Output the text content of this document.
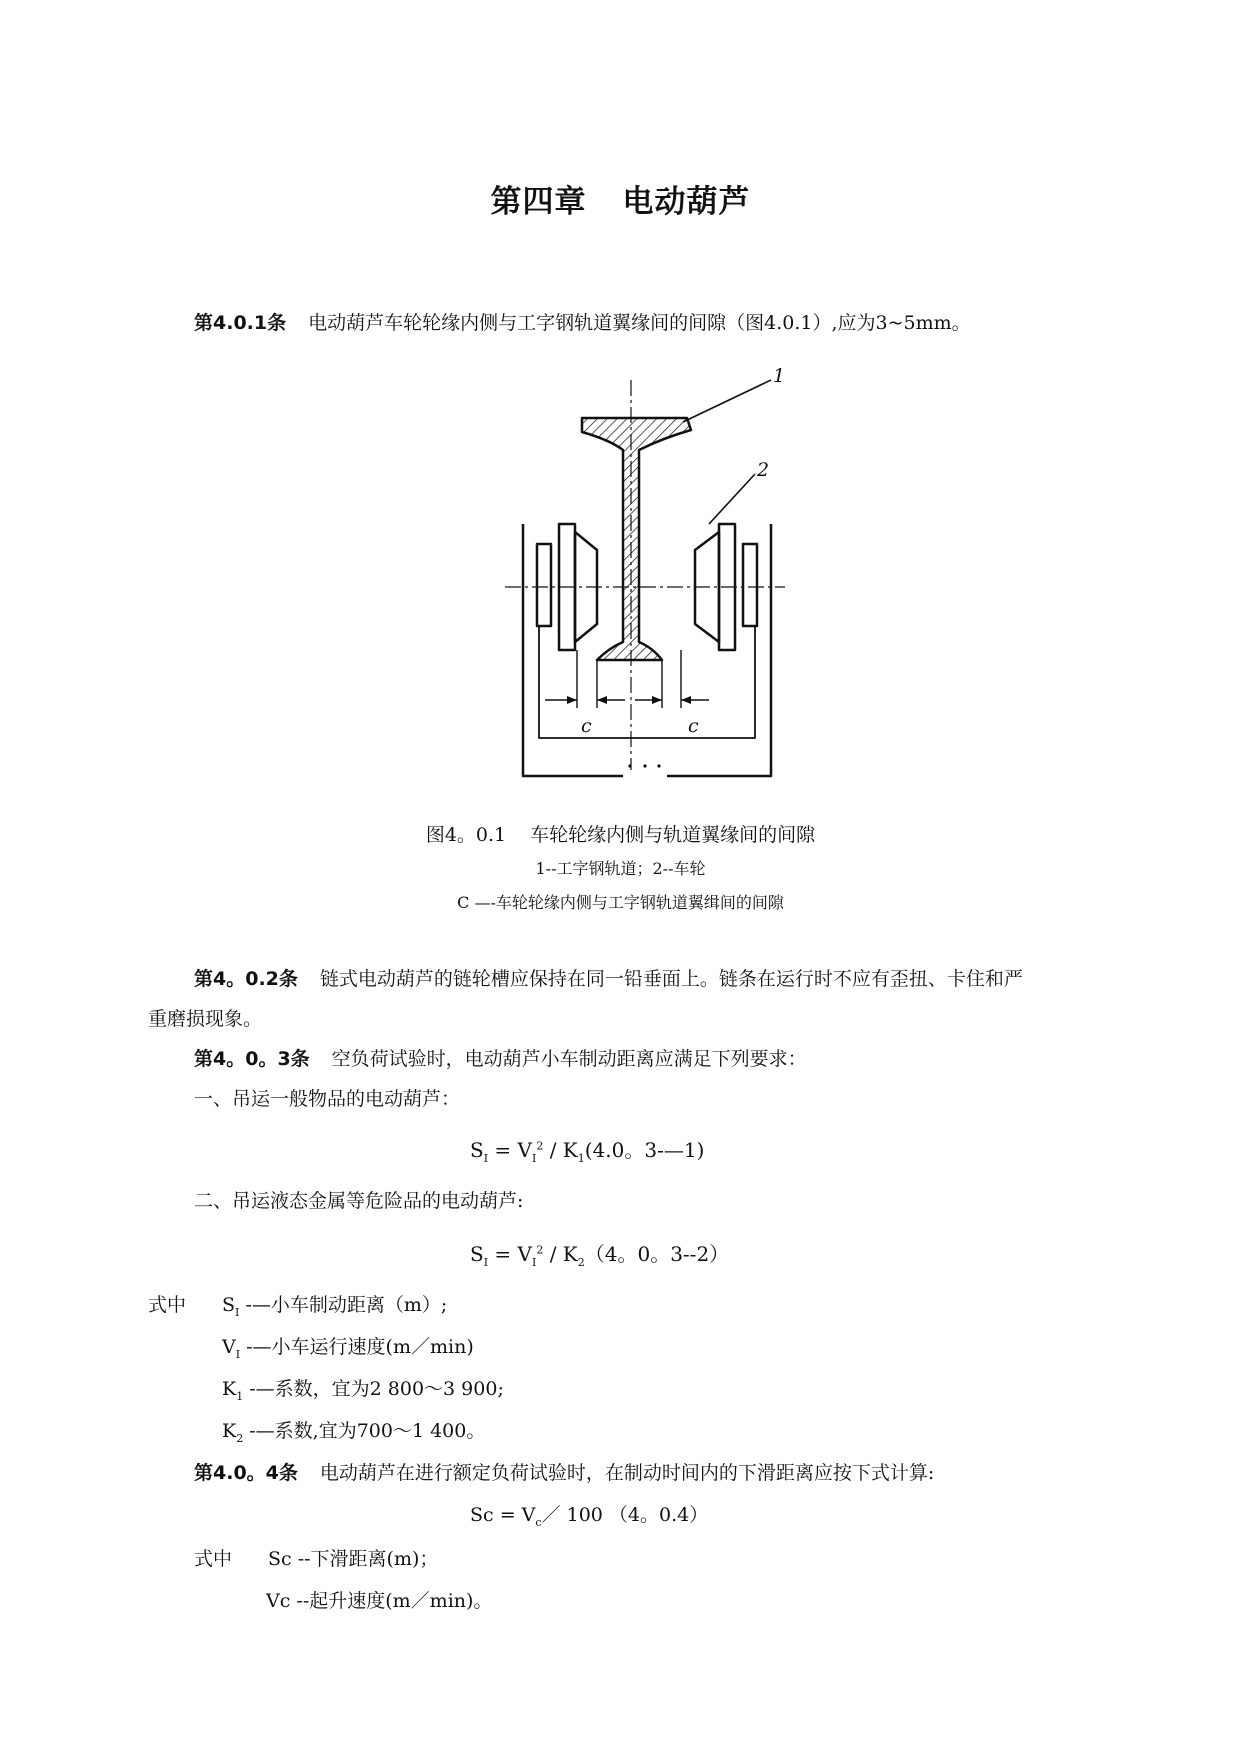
第四章 电动葫芦
第4.0.1条 电动葫芦车轮轮缘内侧与工字钢轨道翼缘间的间隙（图4.0.1）,应为3~5mm。
1
2
c	c
图4。0.1 车轮轮缘内侧与轨道翼缘间的间隙
1--工字钢轨道；2--车轮
C —-车轮轮缘内侧与工字钢轨道翼缉间的间隙
第4。0.2条 链式电动葫芦的链轮槽应保持在同一铅垂面上。链条在运行时不应有歪扭、卡住和严
重磨损现象。
第4。0。3条 空负荷试验时，电动葫芦小车制动距离应满足下列要求：
一、吊运一般物品的电动葫芦：
$S_I = V_I^2 / K_1(4.0$。3-—1)
二、吊运液态金属等危险品的电动葫芦:
$S_I = V_I^2 / K_2(4$。0。3--2）
式中 $S_I$ -—小车制动距离（m）;
$V_I$ -—小车运行速度(m／min)
$K_1$ -—系数，宜为2 800～3 900;
$K_2$ -—系数,宜为700～1 400。
第4.0。4条 电动葫芦在进行额定负荷试验时，在制动时间内的下滑距离应按下式计算:
$Sc = V_c/$ 100 （4。0.4）
式中 Sc --下滑距离(m)；
Vc --起升速度(m／min)。
